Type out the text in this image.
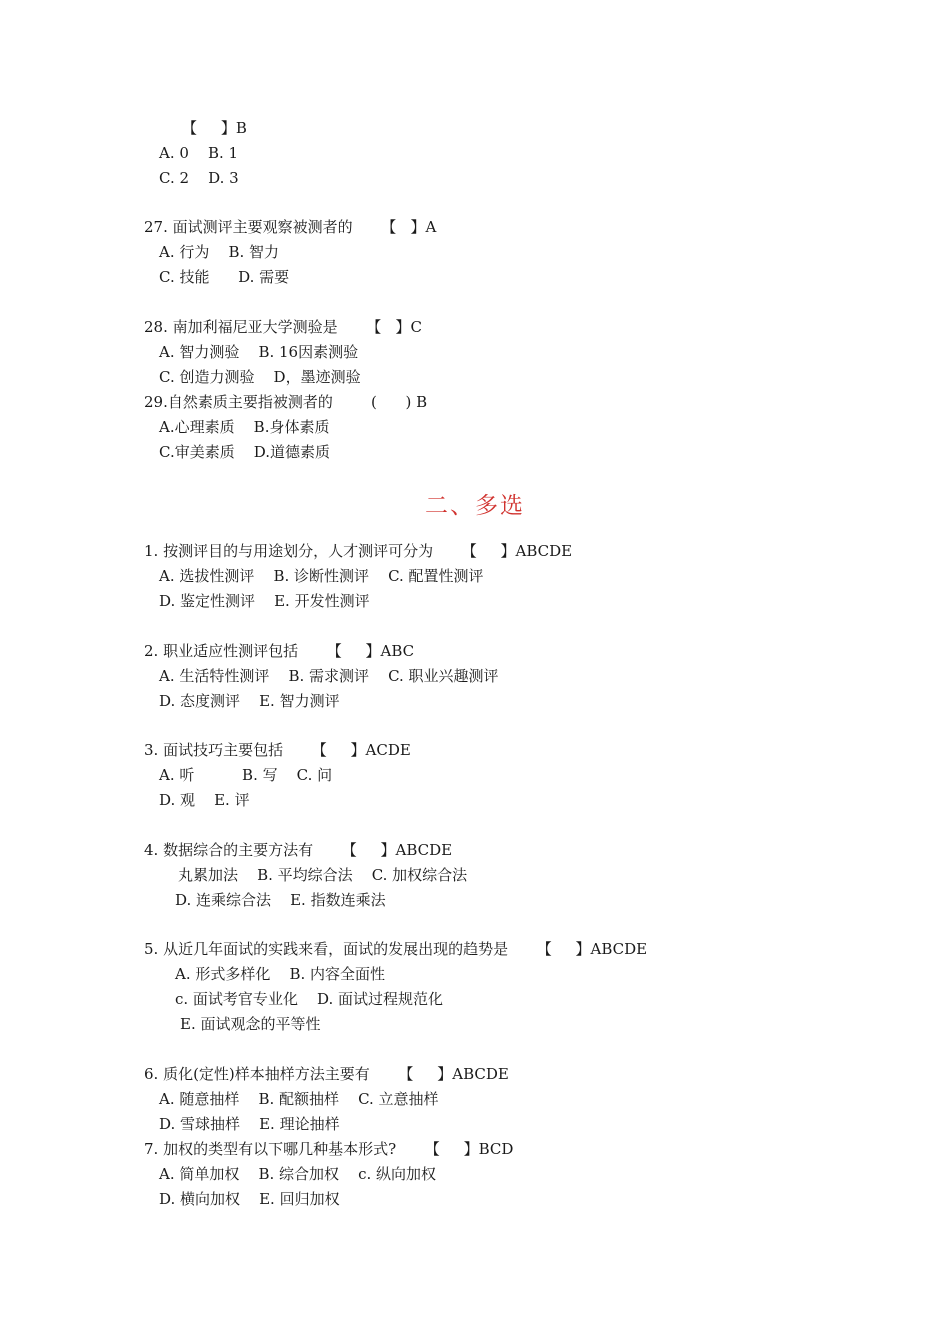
【     】B
A. 0    B. 1
C. 2    D. 3
27. 面试测评主要观察被测者的      【   】A
A. 行为    B. 智力
C. 技能      D. 需要
28. 南加利福尼亚大学测验是      【   】C
A. 智力测验    B. 16因素测验
C. 创造力测验    D，墨迹测验
29.自然素质主要指被测者的        (      ) B
A.心理素质    B.身体素质
C.审美素质    D.道德素质
二、多选
1. 按测评目的与用途划分，人才测评可分为      【     】ABCDE
A. 选拔性测评    B. 诊断性测评    C. 配置性测评
D. 鉴定性测评    E. 开发性测评
2. 职业适应性测评包括      【     】ABC
A. 生活特性测评    B. 需求测评    C. 职业兴趣测评
D. 态度测评    E. 智力测评
3. 面试技巧主要包括      【     】ACDE
A. 听          B. 写    C. 问
D. 观    E. 评
4. 数据综合的主要方法有      【     】ABCDE
丸累加法    B. 平均综合法    C. 加权综合法
D. 连乘综合法    E. 指数连乘法
5. 从近几年面试的实践来看，面试的发展出现的趋势是      【     】ABCDE
A. 形式多样化    B. 内容全面性
c. 面试考官专业化    D. 面试过程规范化
E. 面试观念的平等性
6. 质化(定性)样本抽样方法主要有      【     】ABCDE
A. 随意抽样    B. 配额抽样    C. 立意抽样
D. 雪球抽样    E. 理论抽样
7. 加权的类型有以下哪几种基本形式?      【     】BCD
A. 简单加权    B. 综合加权    c. 纵向加权
D. 横向加权    E. 回归加权
